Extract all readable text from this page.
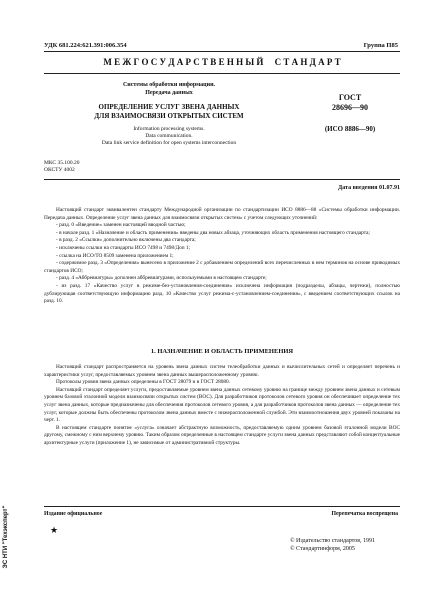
УДК 681.224:621.391:006.354	Группа П85
М Е Ж Г О С У Д А Р С Т В Е Н Н Ы Й     С Т А Н Д А Р Т
Системы обработки информации.
Передача данных
ОПРЕДЕЛЕНИЕ УСЛУГ ЗВЕНА ДАННЫХ
ДЛЯ ВЗАИМОСВЯЗИ ОТКРЫТЫХ СИСТЕМ
Information processing systems.
Data communication.
Data link service definition for open systems interconnection
ГОСТ
28696—90
(ИСО 8886—90)
МКС 35.100.20
ОКСТУ 4002
Дата введения 01.07.91

Настоящий стандарт эквивалентен стандарту Международной организации по стандартизации ИСО 8886—88 «Системы обработки информации. Передача данных. Определение услуг звена данных для взаимосвязи открытых систем» с учетом следующих уточнений:

- разд. 0 «Введение» заменен настоящей вводной частью;

- в начале разд. 1 «Назначение и область применения» введены два новых абзаца, уточняющих область применения настоящего стандарта;

- в разд. 2 «Ссылки» дополнительно включены два стандарта;

- исключены ссылки на стандарты ИСО 7498 и 7498/Доп 1;

- ссылка на ИСО/ТО 8509 заменена приложением 1;

- содержимое разд. 3 «Определения» вынесено в приложение 2 с добавлением определений всех перечисленных в нем терминов на основе приводимых стандартов ИСО;

- разд. 4 «Аббревиатуры» дополнен аббревиатурами, используемыми в настоящем стандарте;

- из разд. 17 «Качество услуг в режиме-без-установления-соединения» исключена информация (подразделы, абзацы, чертежи), полностью дублирующая соответствующую информацию разд. 10 «Качество услуг режима-с-установлением-соединения», с введением соответствующих ссылок на разд. 10.

1. НАЗНАЧЕНИЕ И ОБЛАСТЬ ПРИМЕНЕНИЯ

Настоящий стандарт распространяется на уровень звена данных систем телеобработки данных и вычислительных сетей и определяет перечень и характеристики услуг, предоставляемых уровнем звена данных вышерасположенному уровню.

Протоколы уровня звена данных определены в ГОСТ 28079 и в ГОСТ 28080.

Настоящий стандарт определяет услуги, предоставляемые уровнем звена данных сетевому уровню на границе между уровнем звена данных и сетевым уровнем базовой эталонной модели взаимосвязи открытых систем (ВОС). Для разработчиков протоколов сетевого уровня он обеспечивает определение тех услуг звена данных, которые предназначены для обеспечения протоколов сетевого уровня, а для разработчиков протоколов звена данных — определение тех услуг, которые должны быть обеспечены протоколом звена данных вместе с нижерасположенной службой. Эти взаимоотношения двух уровней показаны на черт. 1.

В настоящем стандарте понятие «услуга» означает абстрактную возможность, предоставляемую одним уровнем базовой эталонной модели ВОС другому, смежному с ним верхнему уровню. Таким образом определенные в настоящем стандарте услуги звена данных представляют собой концептуальные архитектурные услуги (приложение 1), не зависимые от административной структуры.

Издание официальное	Перепечатка воспрещена
★
© Издательство стандартов, 1991
© Стандартинформ, 2005
ЭС НТИ "Техэксперт"
